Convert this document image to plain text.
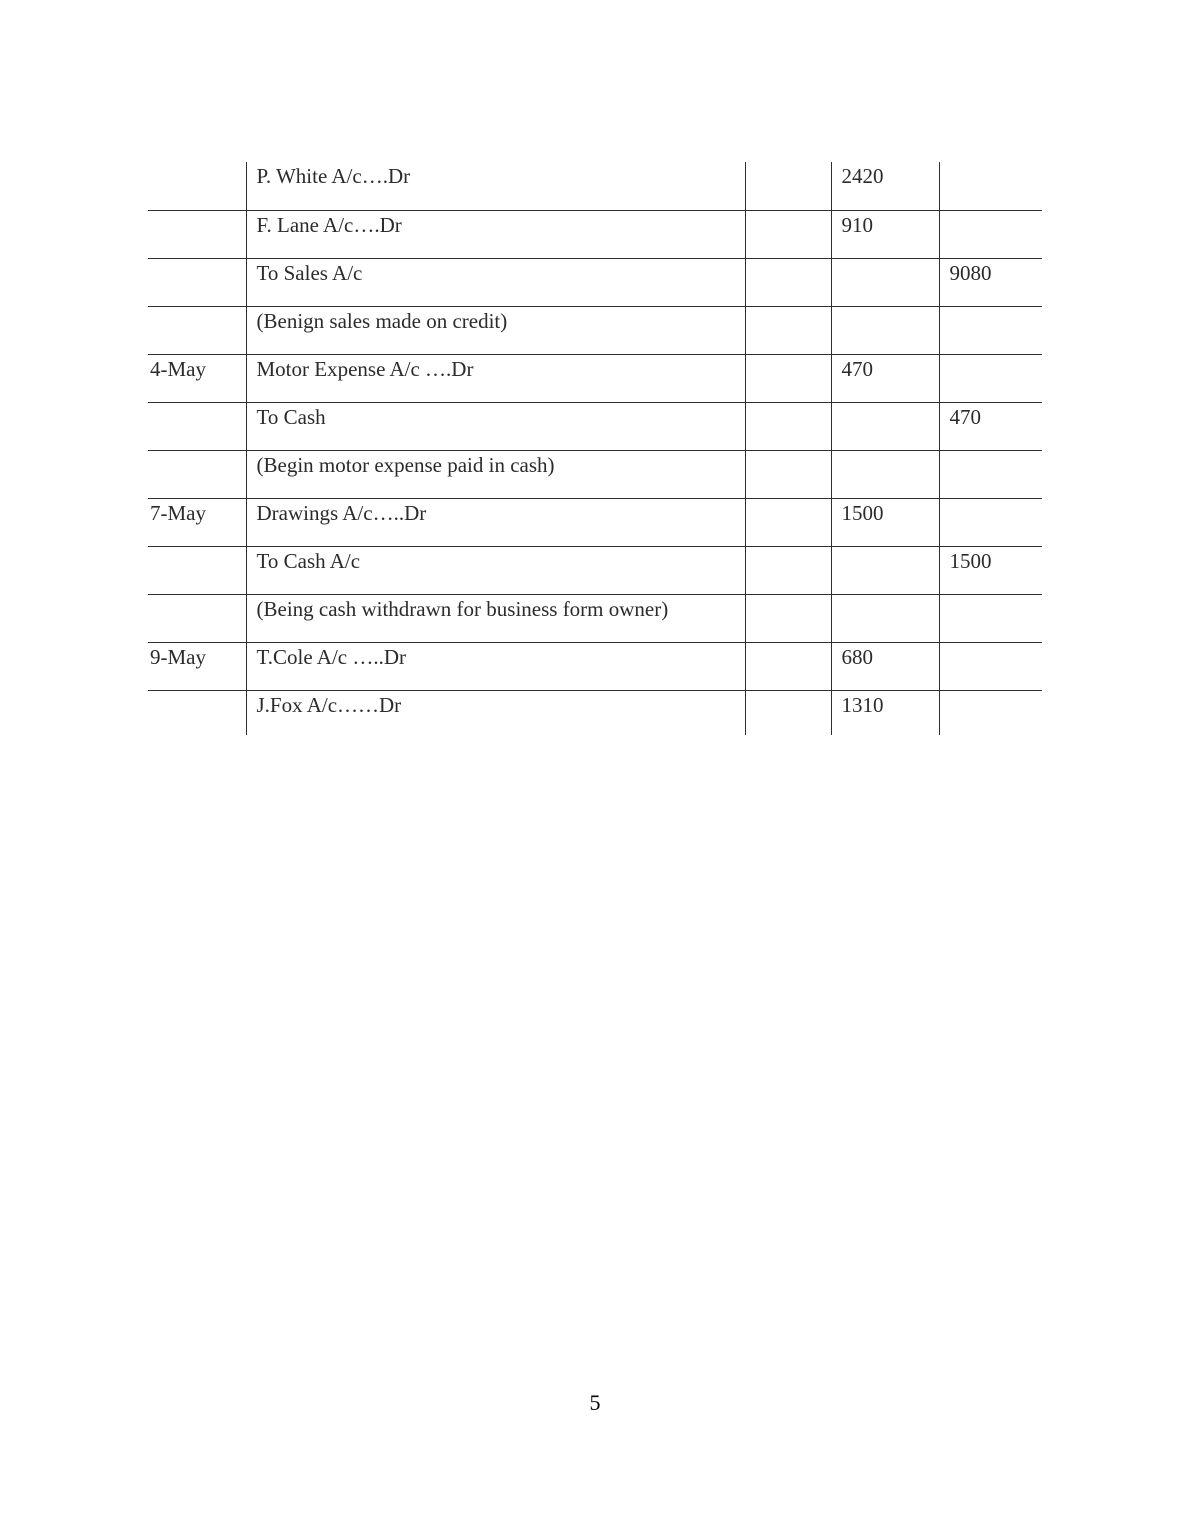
	P. White A/c….Dr		2420	
	F. Lane A/c….Dr		910	
	To Sales A/c			9080
	(Benign sales made on credit)			
4-May	Motor Expense A/c ….Dr		470	
	To Cash			470
	(Begin motor expense paid in cash)			
7-May	Drawings A/c…..Dr		1500	
	To Cash A/c			1500
	(Being cash withdrawn for business form owner)			
9-May	T.Cole A/c …..Dr		680	
	J.Fox A/c……Dr		1310	
5
